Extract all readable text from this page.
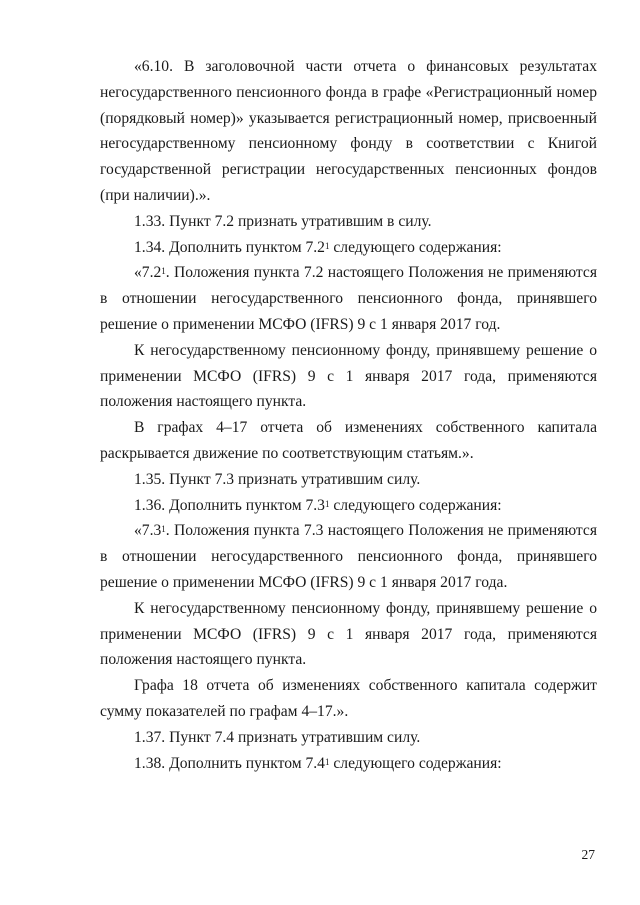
«6.10. В заголовочной части отчета о финансовых результатах негосударственного пенсионного фонда в графе «Регистрационный номер (порядковый номер)» указывается регистрационный номер, присвоенный негосударственному пенсионному фонду в соответствии с Книгой государственной регистрации негосударственных пенсионных фондов (при наличии).».

1.33. Пункт 7.2 признать утратившим в силу.

1.34. Дополнить пунктом $7.2^1$ следующего содержания:

«$7.2^1$. Положения пункта 7.2 настоящего Положения не применяются в отношении негосударственного пенсионного фонда, принявшего решение о применении МСФО (IFRS) 9 с 1 января 2017 год.

К негосударственному пенсионному фонду, принявшему решение о применении МСФО (IFRS) 9 с 1 января 2017 года, применяются положения настоящего пункта.

В графах 4–17 отчета об изменениях собственного капитала раскрывается движение по соответствующим статьям.».

1.35. Пункт 7.3 признать утратившим силу.

1.36. Дополнить пунктом $7.3^1$ следующего содержания:

«$7.3^1$. Положения пункта 7.3 настоящего Положения не применяются в отношении негосударственного пенсионного фонда, принявшего решение о применении МСФО (IFRS) 9 с 1 января 2017 года.

К негосударственному пенсионному фонду, принявшему решение о применении МСФО (IFRS) 9 с 1 января 2017 года, применяются положения настоящего пункта.

Графа 18 отчета об изменениях собственного капитала содержит сумму показателей по графам 4–17.».

1.37. Пункт 7.4 признать утратившим силу.

1.38. Дополнить пунктом $7.4^1$ следующего содержания:

27
